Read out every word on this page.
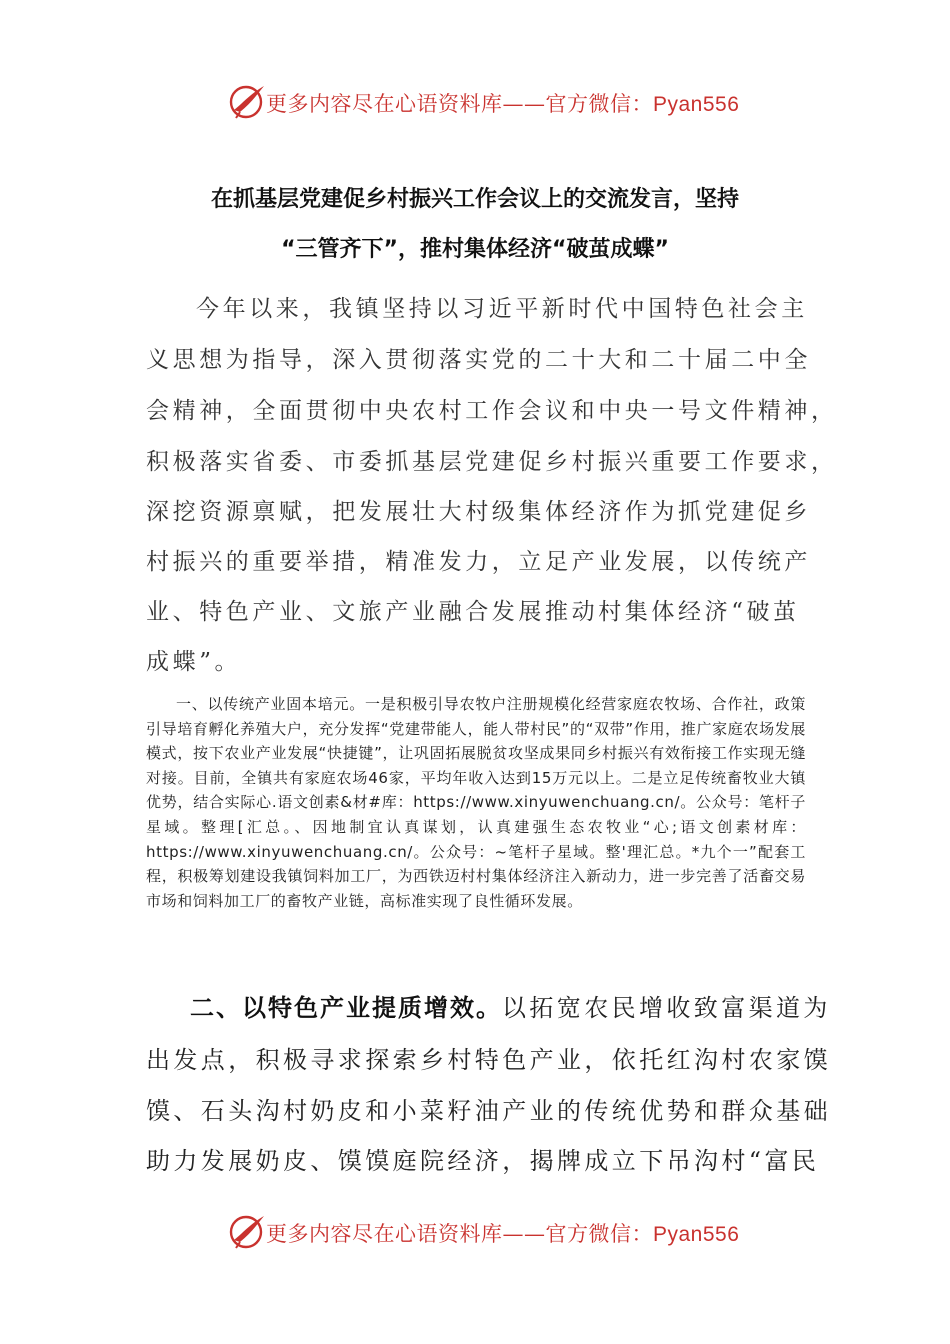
更多内容尽在心语资料库——官方微信：Pyan556
在抓基层党建促乡村振兴工作会议上的交流发言，坚持
“三管齐下”，推村集体经济“破茧成蝶”
今年以来，我镇坚持以习近平新时代中国特色社会主
义思想为指导，深入贯彻落实党的二十大和二十届二中全
会精神，全面贯彻中央农村工作会议和中央一号文件精神，
积极落实省委、市委抓基层党建促乡村振兴重要工作要求，
深挖资源禀赋，把发展壮大村级集体经济作为抓党建促乡
村振兴的重要举措，精准发力，立足产业发展，以传统产
业、特色产业、文旅产业融合发展推动村集体经济“破茧
成蝶”。
一、以传统产业固本培元。一是积极引导农牧户注册规模化经营家庭农牧场、合作社，政策引导培育孵化养殖大户，充分发挥“党建带能人，能人带村民”的“双带”作用，推广家庭农场发展模式，按下农业产业发展“快捷键”，让巩固拓展脱贫攻坚成果同乡村振兴有效衔接工作实现无缝对接。目前，全镇共有家庭农场46家，平均年收入达到15万元以上。二是立足传统畜牧业大镇优势，结合实际心.语文创素&材#库：https://www.xinyuwenchuang.cn/。公众号：笔杆子星域。整理[汇总。、因地制宜认真谋划，认真建强生态农牧业“心;语文创素材库：https://www.xinyuwenchuang.cn/。公众号：~笔杆子星域。整'理汇总。*九个一”配套工程，积极筹划建设我镇饲料加工厂，为西铁迈村村集体经济注入新动力，进一步完善了活畜交易市场和饲料加工厂的畜牧产业链，高标准实现了良性循环发展。
二、以特色产业提质增效。以拓宽农民增收致富渠道为
出发点，积极寻求探索乡村特色产业，依托红沟村农家馍
馍、石头沟村奶皮和小菜籽油产业的传统优势和群众基础
助力发展奶皮、馍馍庭院经济，揭牌成立下吊沟村“富民
更多内容尽在心语资料库——官方微信：Pyan556
